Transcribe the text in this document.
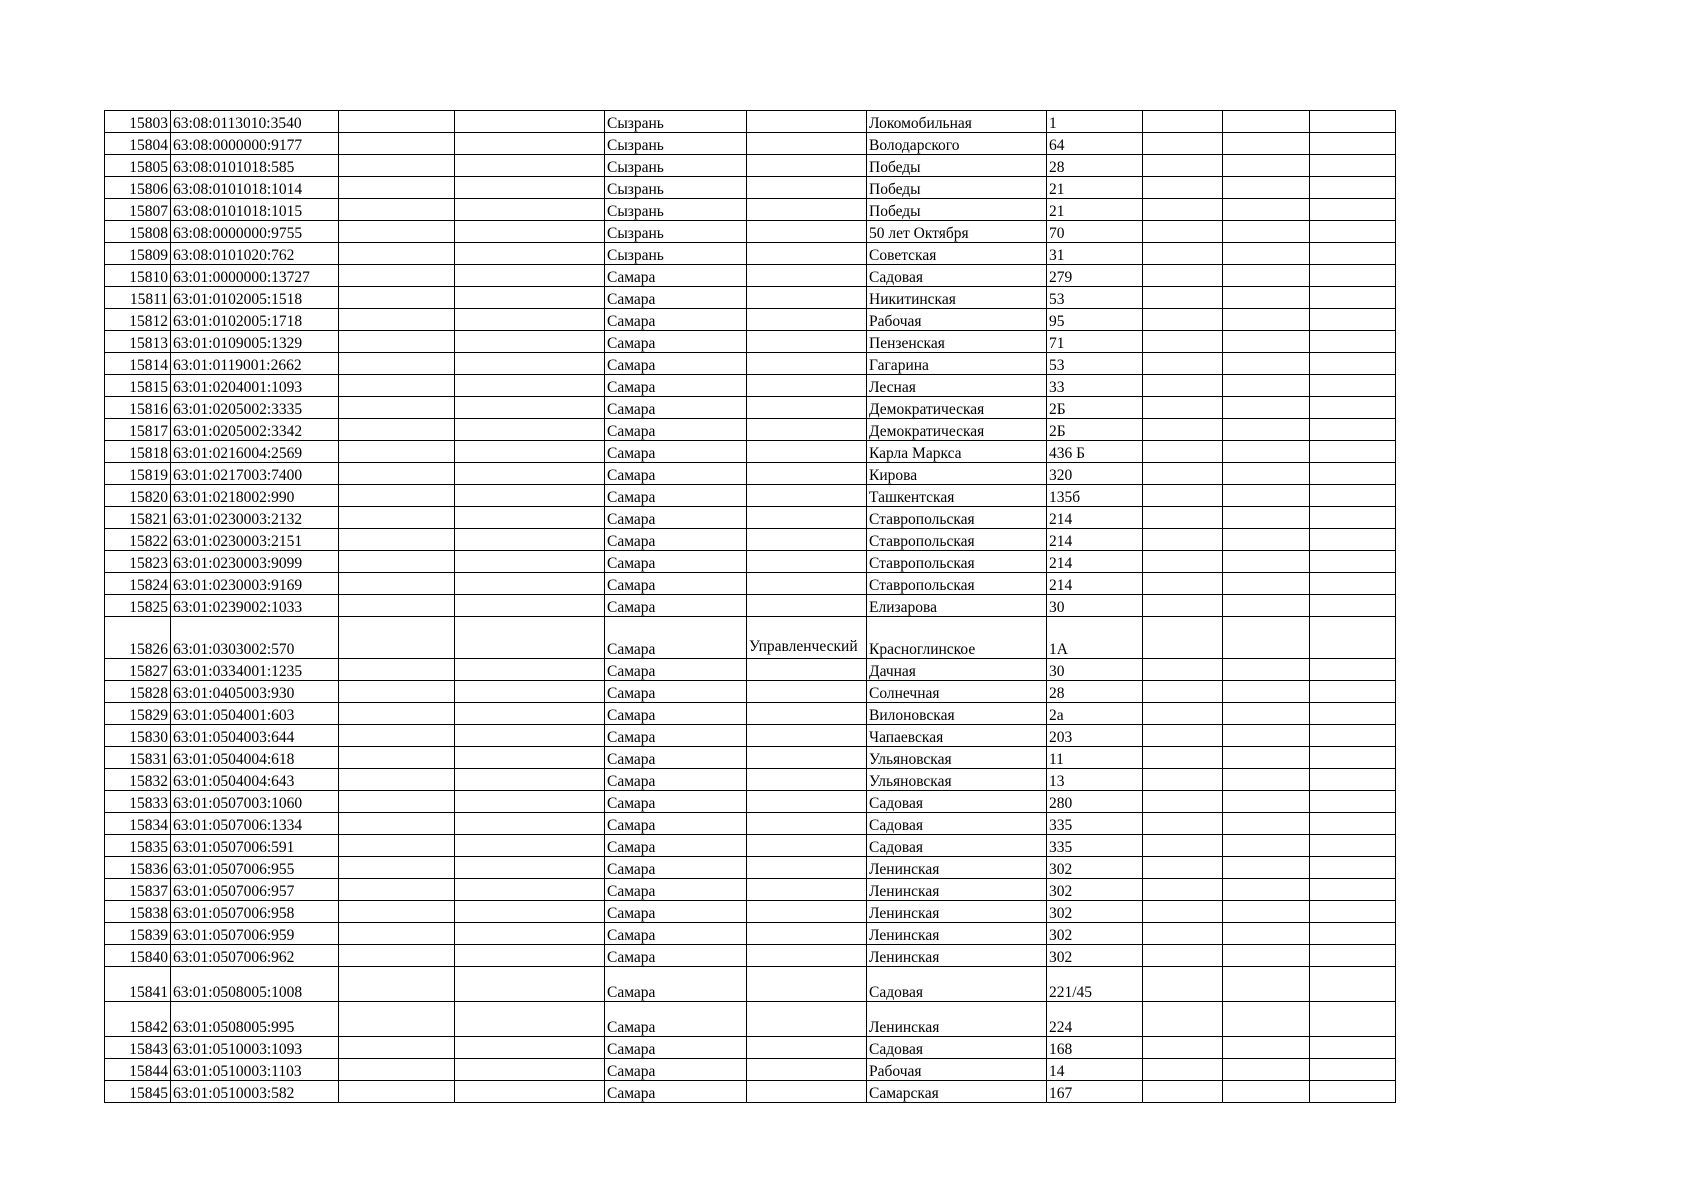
15803	63:08:0113010:3540			Сызрань		Локомобильная	1			
15804	63:08:0000000:9177			Сызрань		Володарского	64			
15805	63:08:0101018:585			Сызрань		Победы	28			
15806	63:08:0101018:1014			Сызрань		Победы	21			
15807	63:08:0101018:1015			Сызрань		Победы	21			
15808	63:08:0000000:9755			Сызрань		50 лет Октября	70			
15809	63:08:0101020:762			Сызрань		Советская	31			
15810	63:01:0000000:13727			Самара		Садовая	279			
15811	63:01:0102005:1518			Самара		Никитинская	53			
15812	63:01:0102005:1718			Самара		Рабочая	95			
15813	63:01:0109005:1329			Самара		Пензенская	71			
15814	63:01:0119001:2662			Самара		Гагарина	53			
15815	63:01:0204001:1093			Самара		Лесная	33			
15816	63:01:0205002:3335			Самара		Демократическая	2Б			
15817	63:01:0205002:3342			Самара		Демократическая	2Б			
15818	63:01:0216004:2569			Самара		Карла Маркса	436 Б			
15819	63:01:0217003:7400			Самара		Кирова	320			
15820	63:01:0218002:990			Самара		Ташкентская	135б			
15821	63:01:0230003:2132			Самара		Ставропольская	214			
15822	63:01:0230003:2151			Самара		Ставропольская	214			
15823	63:01:0230003:9099			Самара		Ставропольская	214			
15824	63:01:0230003:9169			Самара		Ставропольская	214			
15825	63:01:0239002:1033			Самара		Елизарова	30			
15826	63:01:0303002:570			Самара	Управленческий	Красноглинское	1А			
15827	63:01:0334001:1235			Самара		Дачная	30			
15828	63:01:0405003:930			Самара		Солнечная	28			
15829	63:01:0504001:603			Самара		Вилоновская	2а			
15830	63:01:0504003:644			Самара		Чапаевская	203			
15831	63:01:0504004:618			Самара		Ульяновская	11			
15832	63:01:0504004:643			Самара		Ульяновская	13			
15833	63:01:0507003:1060			Самара		Садовая	280			
15834	63:01:0507006:1334			Самара		Садовая	335			
15835	63:01:0507006:591			Самара		Садовая	335			
15836	63:01:0507006:955			Самара		Ленинская	302			
15837	63:01:0507006:957			Самара		Ленинская	302			
15838	63:01:0507006:958			Самара		Ленинская	302			
15839	63:01:0507006:959			Самара		Ленинская	302			
15840	63:01:0507006:962			Самара		Ленинская	302			
15841	63:01:0508005:1008			Самара		Садовая	221/45			
15842	63:01:0508005:995			Самара		Ленинская	224			
15843	63:01:0510003:1093			Самара		Садовая	168			
15844	63:01:0510003:1103			Самара		Рабочая	14			
15845	63:01:0510003:582			Самара		Самарская	167			
